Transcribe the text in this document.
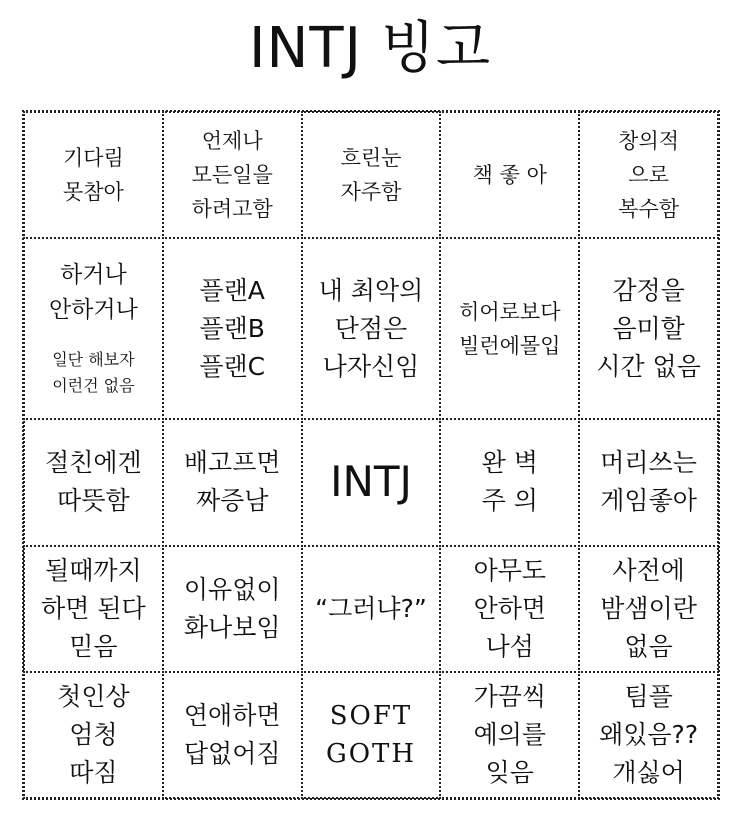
INTJ 빙고
기다림
못참아
언제나
모든일을
하려고함
흐린눈
자주함
책 좋 아
창의적
으로
복수함

하거나
안하거나

일단 해보자
이런건 없음

플랜A
플랜B
플랜C
내 최악의
단점은
나자신임
히어로보다
빌런에몰입
감정을
음미할
시간 없음
절친에겐
따뜻함
배고프면
짜증남	INTJ	완 벽
주 의
머리쓰는
게임좋아
될때까지
하면 된다
믿음
이유없이
화나보임
“그러냐?”
아무도
안하면
나섬
사전에
밤샘이란
없음
첫인상
엄청
따짐
연애하면
답없어짐
SOFT
GOTH
가끔씩
예의를
잊음
팀플
왜있음??
개싫어
